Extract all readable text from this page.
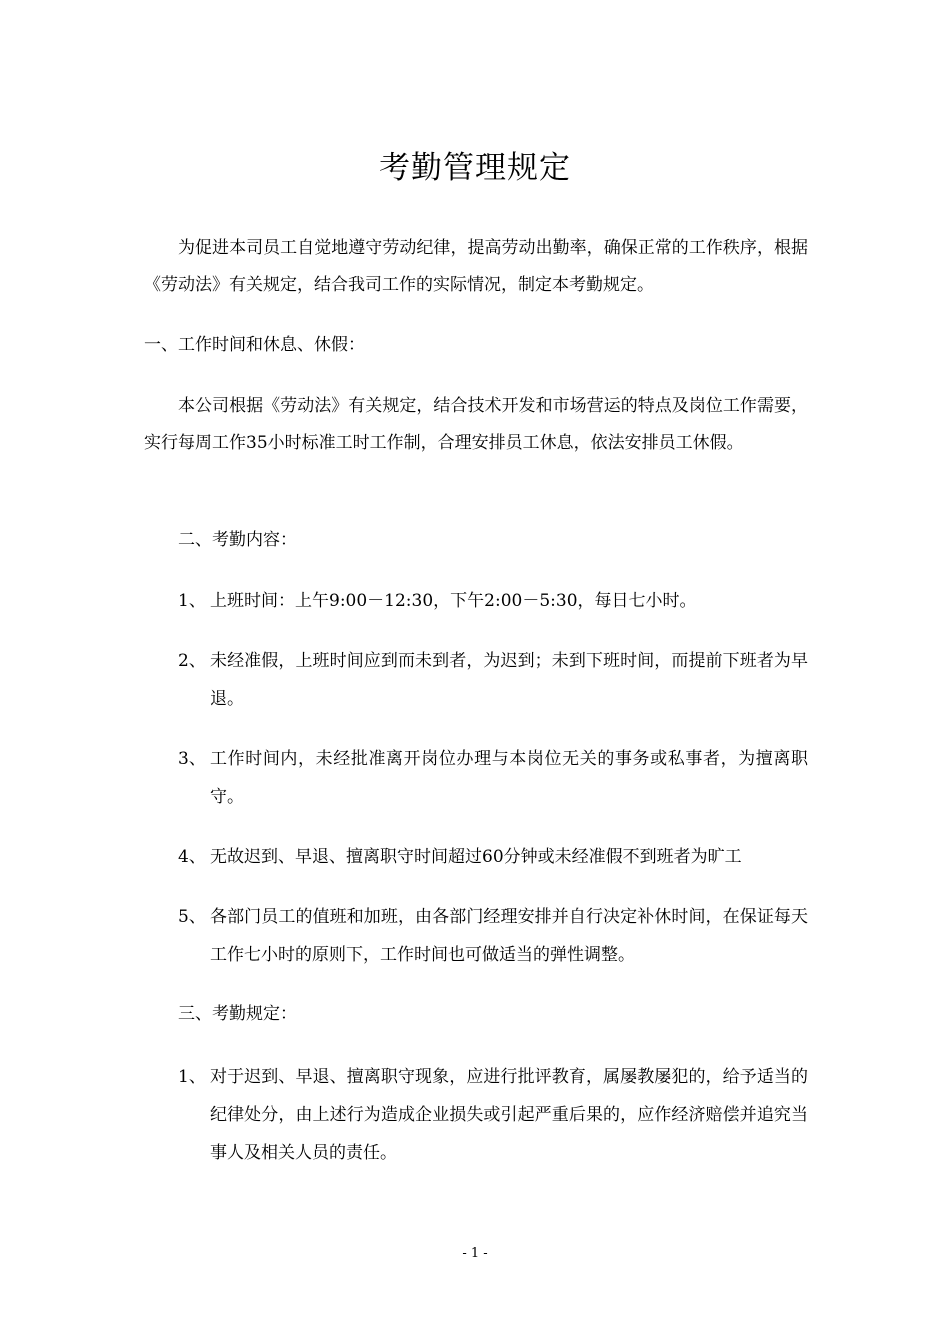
考勤管理规定

为促进本司员工自觉地遵守劳动纪律，提高劳动出勤率，确保正常的工作秩序，根据《劳动法》有关规定，结合我司工作的实际情况，制定本考勤规定。

一、工作时间和休息、休假：

本公司根据《劳动法》有关规定，结合技术开发和市场营运的特点及岗位工作需要，实行每周工作35小时标准工时工作制，合理安排员工休息，依法安排员工休假。

二、考勤内容：

1、 上班时间：上午9:00－12:30，下午2:00－5:30，每日七小时。
2、 未经准假，上班时间应到而未到者，为迟到；未到下班时间，而提前下班者为早退。
3、 工作时间内，未经批准离开岗位办理与本岗位无关的事务或私事者，为擅离职守。
4、 无故迟到、早退、擅离职守时间超过60分钟或未经准假不到班者为旷工
5、 各部门员工的值班和加班，由各部门经理安排并自行决定补休时间，在保证每天工作七小时的原则下，工作时间也可做适当的弹性调整。

三、考勤规定：

1、 对于迟到、早退、擅离职守现象，应进行批评教育，属屡教屡犯的，给予适当的纪律处分，由上述行为造成企业损失或引起严重后果的，应作经济赔偿并追究当事人及相关人员的责任。
- 1 -
